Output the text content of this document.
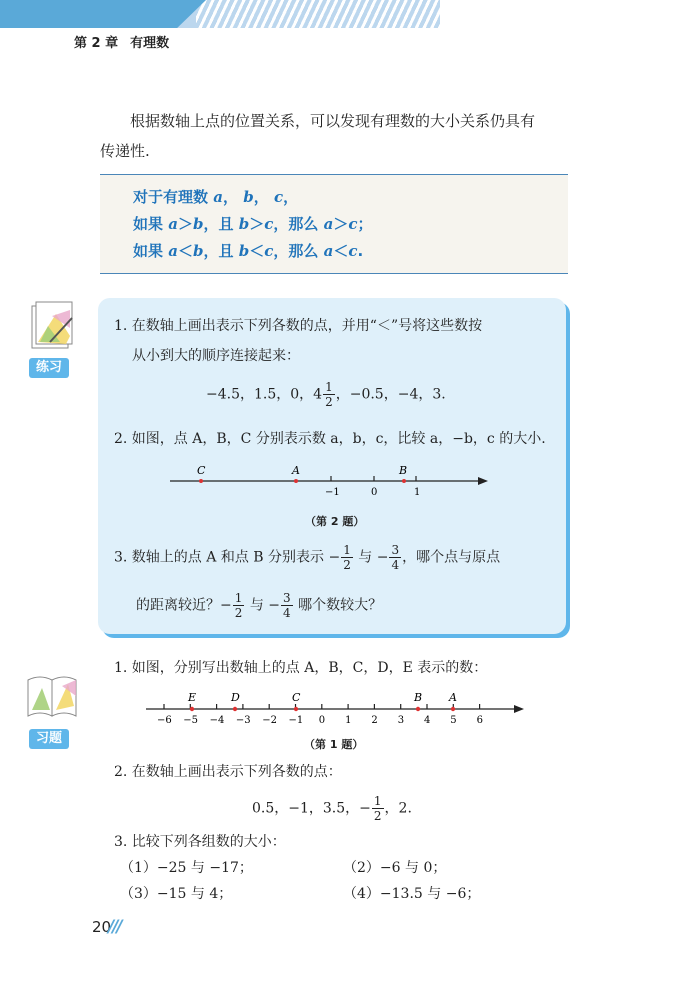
第 2 章 有理数
根据数轴上点的位置关系，可以发现有理数的大小关系仍具有
传递性.
对于有理数 a， b， c，
如果 a＞b，且 b＞c，那么 a＞c；
如果 a＜b，且 b＜c，那么 a＜c.
练习
1. 在数轴上画出表示下列各数的点，并用“＜”号将这些数按
从小到大的顺序连接起来：
−4.5，1.5，0，$4 \frac{1}{2}$ ，−0.5，−4，3.
2. 如图，点 A，B，C 分别表示数 a，b，c，比较 a，−b，c 的大小.
C	A	B
−1	0	1
（第 2 题）
3. 数轴上的点 A 和点 B 分别表示 − $\frac{1}{2}$ 与 − $\frac{3}{4}$ ，哪个点与原点
的距离较近？− $\frac{1}{2}$ 与 − $\frac{3}{4}$ 哪个数较大？
习题
1. 如图，分别写出数轴上的点 A，B，C，D，E 表示的数：
−6 −5 −4 −3 −2 −1 0 1 2 3 4 5 6
E	D	C	B A
（第 1 题）
2. 在数轴上画出表示下列各数的点：
0.5，−1，3.5，− $\frac{1}{2}$ ，2.
3. 比较下列各组数的大小：
（1）−25 与 −17；	（2）−6 与 0；
（3）−15 与 4；	（4）−13.5 与 −6；
20
///
